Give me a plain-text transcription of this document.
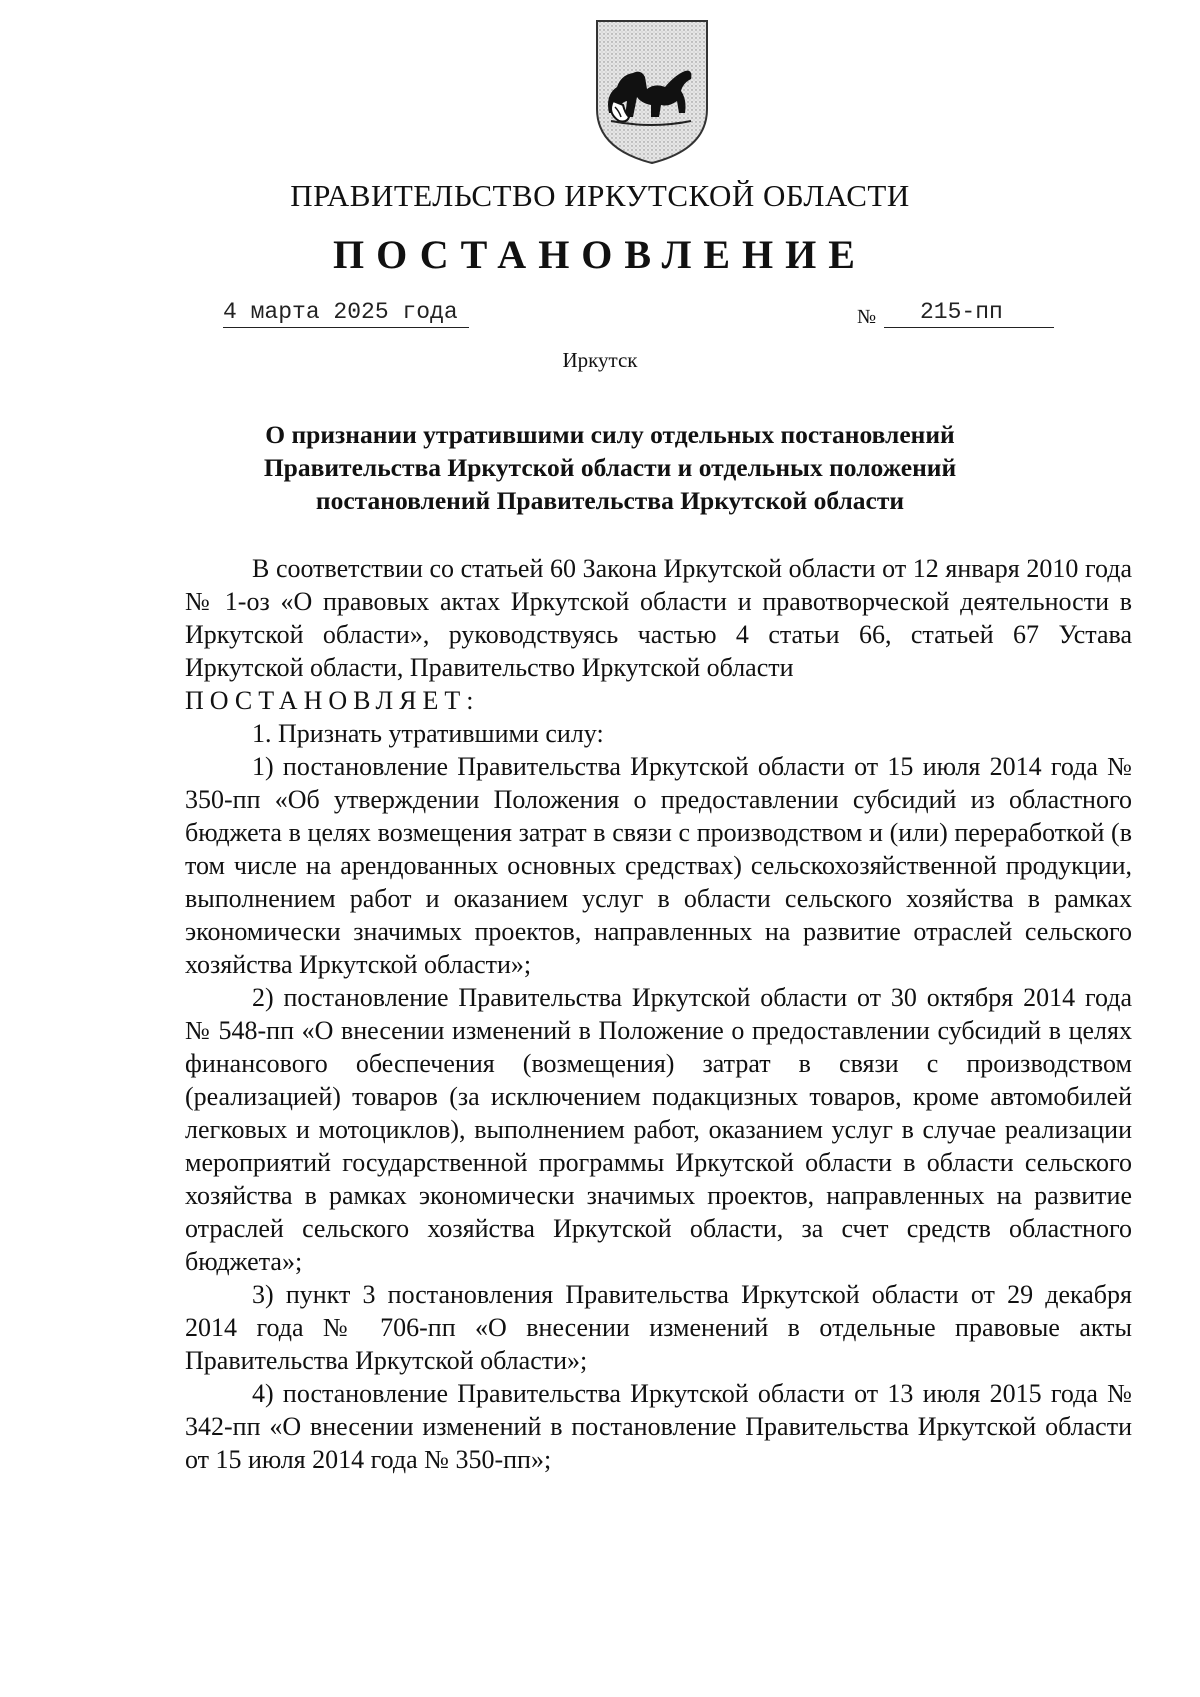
ПРАВИТЕЛЬСТВО ИРКУТСКОЙ ОБЛАСТИ
ПОСТАНОВЛЕНИЕ
4 марта 2025 года	№	215-пп
Иркутск
О признании утратившими силу отдельных постановлений
Правительства Иркутской области и отдельных положений
постановлений Правительства Иркутской области

В соответствии со статьей 60 Закона Иркутской области от 12 января 2010 года № 1-оз «О правовых актах Иркутской области и правотворческой деятельности в Иркутской области», руководствуясь частью 4 статьи 66, статьей 67 Устава Иркутской области, Правительство Иркутской области

ПОСТАНОВЛЯЕТ:

1. Признать утратившими силу:

1) постановление Правительства Иркутской области от 15 июля 2014 года № 350-пп «Об утверждении Положения о предоставлении субсидий из областного бюджета в целях возмещения затрат в связи с производством и (или) переработкой (в том числе на арендованных основных средствах) сельскохозяйственной продукции, выполнением работ и оказанием услуг в области сельского хозяйства в рамках экономически значимых проектов, направленных на развитие отраслей сельского хозяйства Иркутской области»;

2) постановление Правительства Иркутской области от 30 октября 2014 года № 548-пп «О внесении изменений в Положение о предоставлении субсидий в целях финансового обеспечения (возмещения) затрат в связи с производством (реализацией) товаров (за исключением подакцизных товаров, кроме автомобилей легковых и мотоциклов), выполнением работ, оказанием услуг в случае реализации мероприятий государственной программы Иркутской области в области сельского хозяйства в рамках экономически значимых проектов, направленных на развитие отраслей сельского хозяйства Иркутской области, за счет средств областного бюджета»;

3) пункт 3 постановления Правительства Иркутской области от 29 декабря 2014 года № 706-пп «О внесении изменений в отдельные правовые акты Правительства Иркутской области»;

4) постановление Правительства Иркутской области от 13 июля 2015 года № 342-пп «О внесении изменений в постановление Правительства Иркутской области от 15 июля 2014 года № 350-пп»;
